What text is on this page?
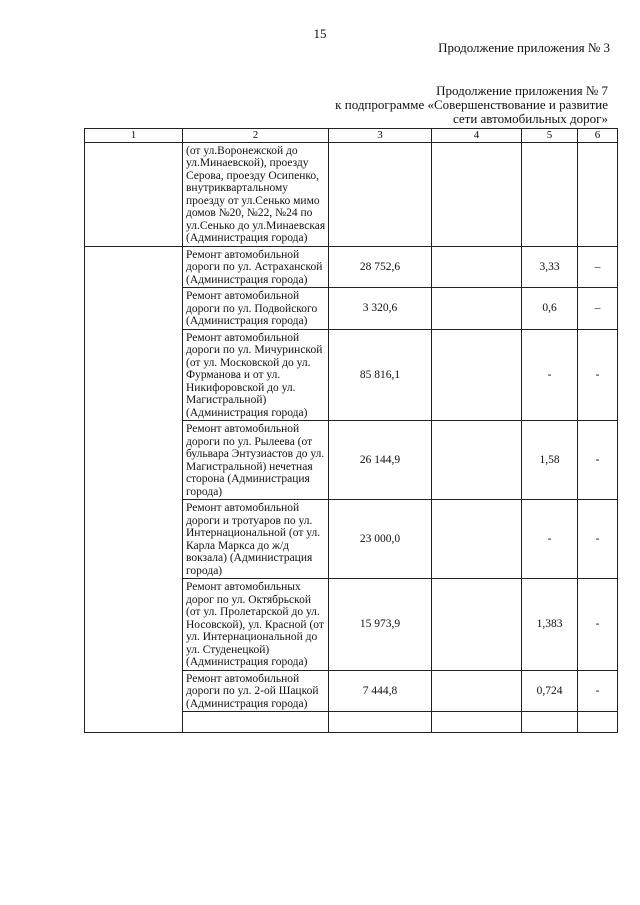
15
Продолжение приложения № 3
Продолжение приложения № 7
к подпрограмме «Совершенствование и развитие
сети автомобильных дорог»
1	2	3	4	5	6
	(от ул.Воронежской до ул.Минаевской), проезду Серова, проезду Осипенко, внутриквартальному проезду от ул.Сенько мимо домов №20, №22, №24 по ул.Сенько до ул.Минаевская (Администрация города)				
	Ремонт автомобильной дороги по ул. Астраханской (Администрация города)	28 752,6		3,33	–
	Ремонт автомобильной дороги по ул. Подвойского (Администрация города)	3 320,6		0,6	–
	Ремонт автомобильной дороги по ул. Мичуринской (от ул. Московской до ул. Фурманова и от ул. Никифоровской до ул. Магистральной) (Администрация города)	85 816,1		-	-
	Ремонт автомобильной дороги по ул. Рылеева (от бульвара Энтузиастов до ул. Магистральной) нечетная сторона (Администрация города)	26 144,9		1,58	-
	Ремонт автомобильной дороги и тротуаров по ул. Интернациональной (от ул. Карла Маркса до ж/д вокзала) (Администрация города)	23 000,0		-	-
	Ремонт автомобильных дорог по ул. Октябрьской (от ул. Пролетарской до ул. Носовской), ул. Красной (от ул. Интернациональной до ул. Студенецкой) (Администрация города)	15 973,9		1,383	-
	Ремонт автомобильной дороги по ул. 2-ой Шацкой (Администрация города)	7 444,8		0,724	-
